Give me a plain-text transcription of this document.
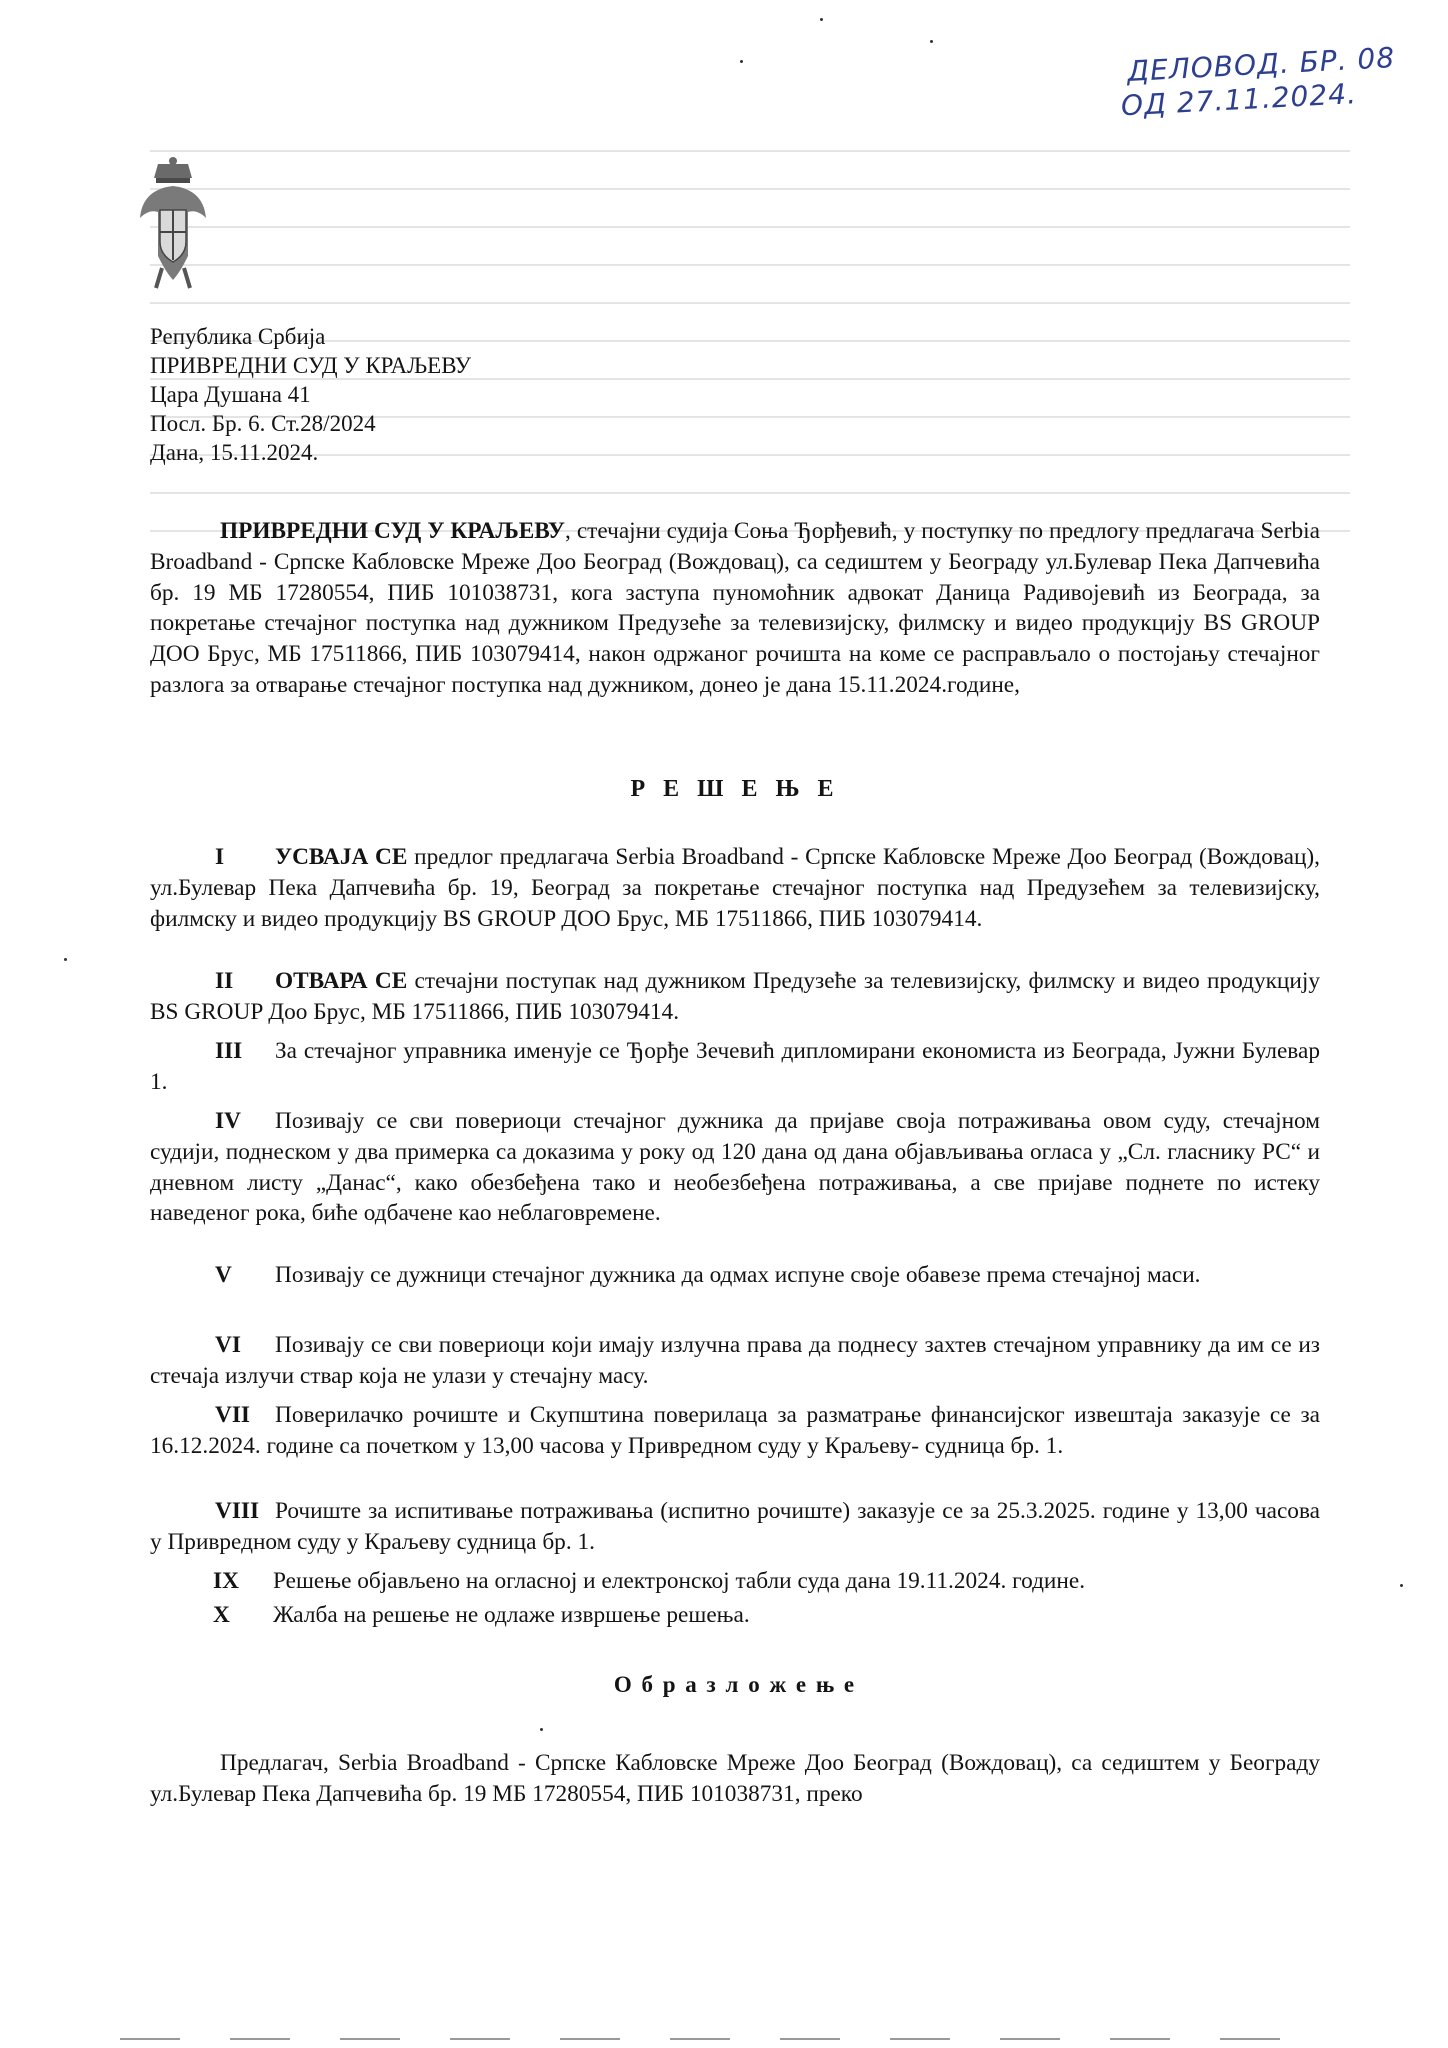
ДЕЛОВОД. БР. 08
ОД 27.11.2024.
Република Србија
ПРИВРЕДНИ СУД У КРАЉЕВУ
Цара Душана 41
Посл. Бр. 6. Ст.28/2024
Дана, 15.11.2024.
ПРИВРЕДНИ СУД У КРАЉЕВУ, стечајни судија Соња Ђорђевић, у поступку по предлогу предлагача Serbia Broadband - Српске Кабловске Мреже Доо Београд (Вождовац), са седиштем у Београду ул.Булевар Пека Дапчевића бр. 19 МБ 17280554, ПИБ 101038731, кога заступа пуномоћник адвокат Даница Радивојевић из Београда, за покретање стечајног поступка над дужником Предузеће за телевизијску, филмску и видео продукцију BS GROUP ДОО Брус, МБ 17511866, ПИБ 103079414, након одржаног рочишта на коме се расправљало о постојању стечајног разлога за отварање стечајног поступка над дужником, донео је дана 15.11.2024.године,
Р Е Ш Е Њ Е
I УСВАЈА СЕ предлог предлагача Serbia Broadband - Српске Кабловске Мреже Доо Београд (Вождовац), ул.Булевар Пека Дапчевића бр. 19, Београд за покретање стечајног поступка над Предузећем за телевизијску, филмску и видео продукцију BS GROUP ДОО Брус, МБ 17511866, ПИБ 103079414.
II ОТВАРА СЕ стечајни поступак над дужником Предузеће за телевизијску, филмску и видео продукцију BS GROUP Доо Брус, МБ 17511866, ПИБ 103079414.
III За стечајног управника именује се Ђорђе Зечевић дипломирани економиста из Београда, Јужни Булевар 1.
IV Позивају се сви повериоци стечајног дужника да пријаве своја потраживања овом суду, стечајном судији, поднеском у два примерка са доказима у року од 120 дана од дана објављивања огласа у „Сл. гласнику РС“ и дневном листу „Данас“, како обезбеђена тако и необезбеђена потраживања, а све пријаве поднете по истеку наведеног рока, биће одбачене као неблаговремене.
V Позивају се дужници стечајног дужника да одмах испуне своје обавезе према стечајној маси.
VI Позивају се сви повериоци који имају излучна права да поднесу захтев стечајном управнику да им се из стечаја излучи ствар која не улази у стечајну масу.
VII Поверилачко рочиште и Скупштина поверилаца за разматрање финансијског извештаја заказује се за 16.12.2024. године са почетком у 13,00 часова у Привредном суду у Краљеву- судница бр. 1.
VIII Рочиште за испитивање потраживања (испитно рочиште) заказује се за 25.3.2025. године у 13,00 часова у Привредном суду у Краљеву судница бр. 1.
IX Решење објављено на огласној и електронској табли суда дана 19.11.2024. године.
X Жалба на решење не одлаже извршење решења.
О б р а з л о ж е њ е
Предлагач, Serbia Broadband - Српске Кабловске Мреже Доо Београд (Вождовац), са седиштем у Београду ул.Булевар Пека Дапчевића бр. 19 МБ 17280554, ПИБ 101038731, преко
